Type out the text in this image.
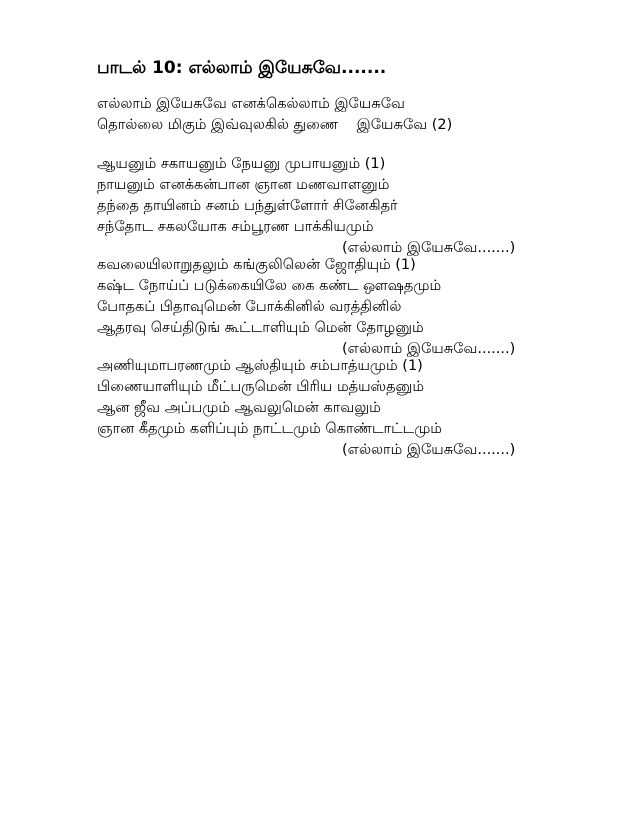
பாடல் 10: எல்லாம் இயேசுவே.......
எல்லாம் இயேசுவே எனக்கெல்லாம் இயேசுவே
தொல்லை மிகும் இவ்வுலகில் துணை    இயேசுவே (2)
ஆயனும் சகாயனும் நேயனு முபாயனும் (1)
நாயனும் எனக்கன்பான ஞான மணவாளனும்
தந்தை தாயினம் சனம் பந்துள்ளோர் சினேகிதர்
சந்தோட சகலயோக சம்பூரண பாக்கியமும்
(எல்லாம் இயேசுவே.......)
கவலையிலாறுதலும் கங்குலிலென் ஜோதியும் (1)
கஷ்ட நோய்ப் படுக்கையிலே கை கண்ட ஔஷதமும்
போதகப் பிதாவுமென் போக்கினில் வரத்தினில்
ஆதரவு செய்திடுங் கூட்டாளியும் மென் தோழனும்
(எல்லாம் இயேசுவே.......)
அணியுமாபரணமும் ஆஸ்தியும் சம்பாத்யமும் (1)
பிணையாளியும் மீட்பருமென் பிரிய மத்யஸ்தனும்
ஆன ஜீவ அப்பமும் ஆவலுமென் காவலும்
ஞான கீதமும் களிப்பும் நாட்டமும் கொண்டாட்டமும்
(எல்லாம் இயேசுவே.......)
